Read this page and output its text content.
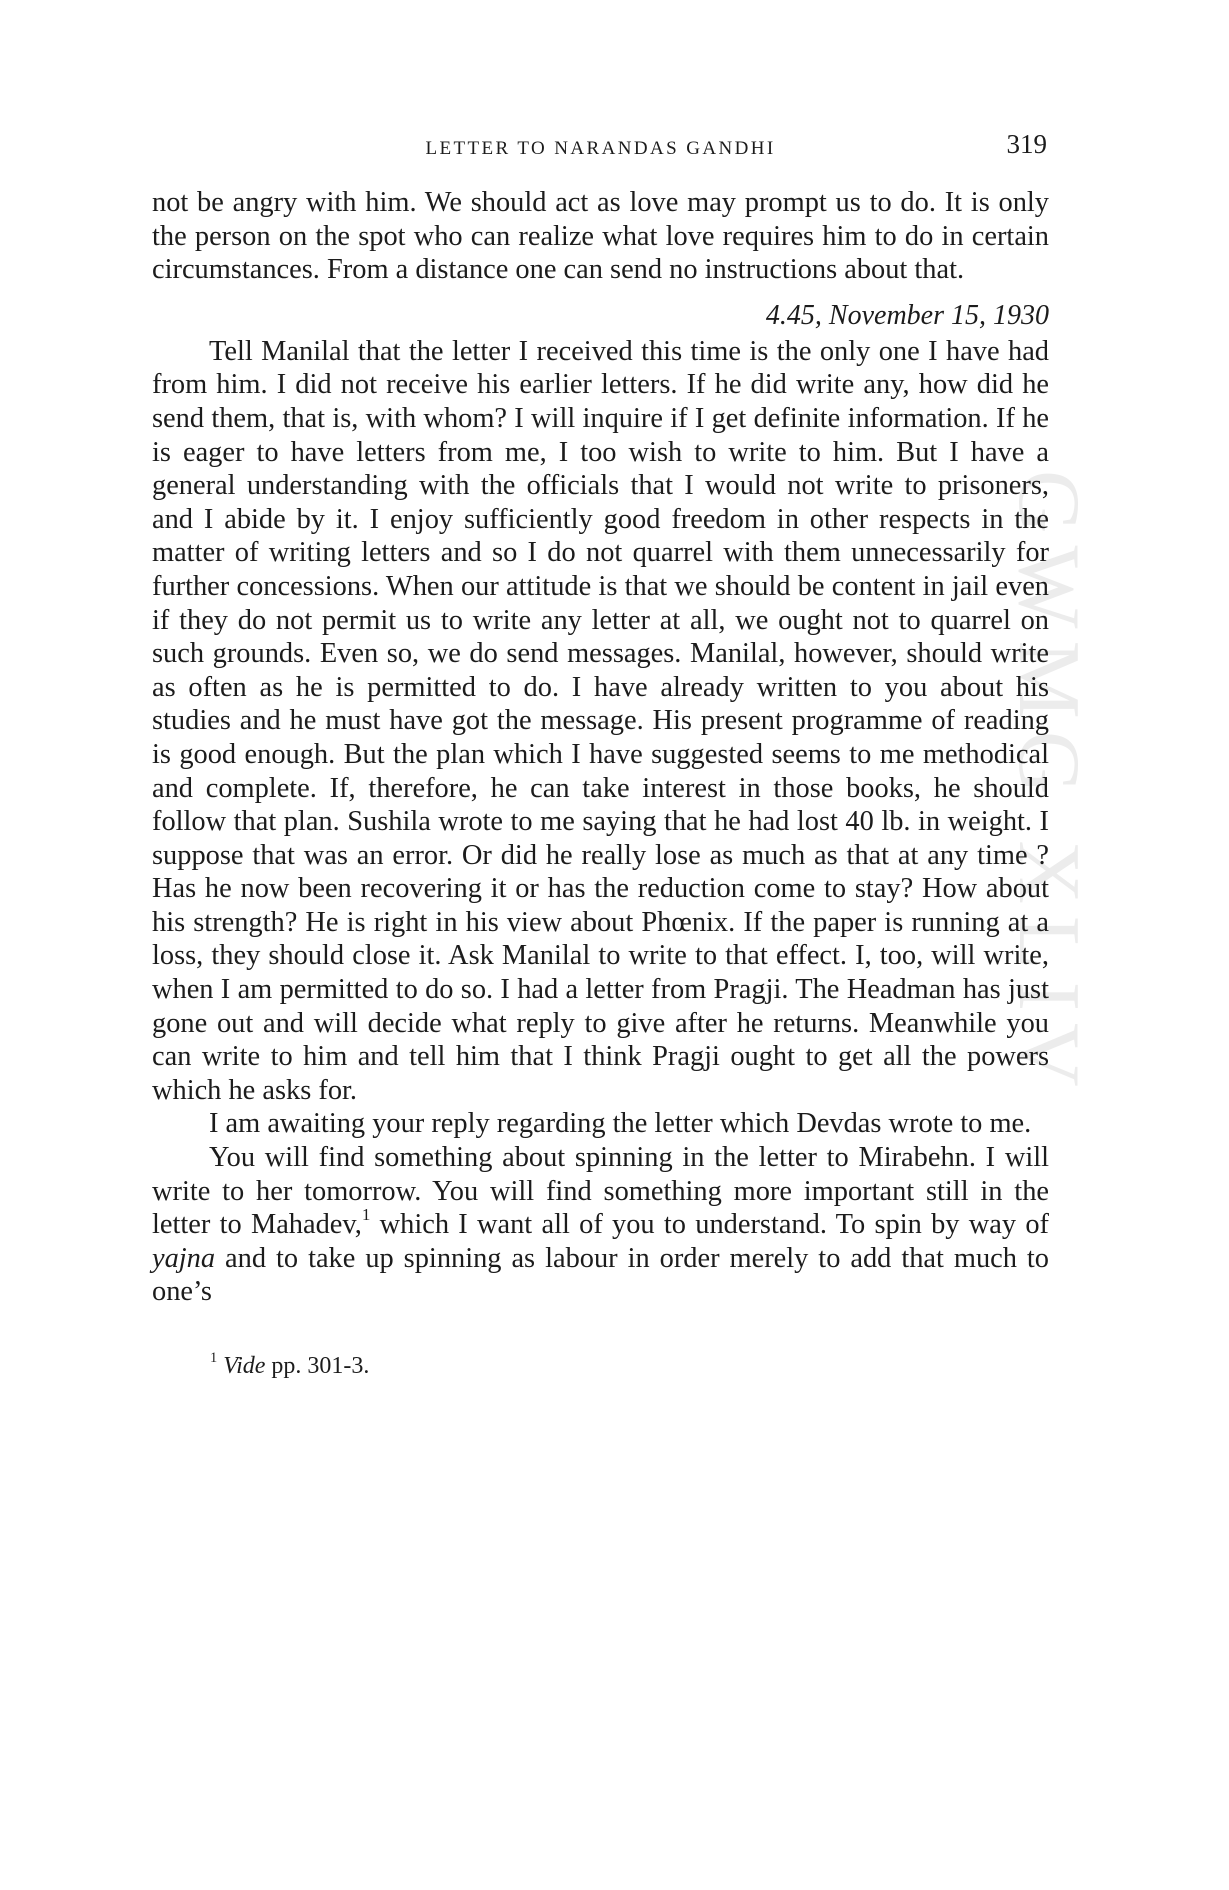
GWMG XLIV
LETTER TO NARANDAS GANDHI	319

not be angry with him. We should act as love may prompt us to do. It is only the person on the spot who can realize what love requires him to do in certain circumstances. From a distance one can send no instructions about that.

4.45, November 15, 1930

Tell Manilal that the letter I received this time is the only one I have had from him. I did not receive his earlier letters. If he did write any, how did he send them, that is, with whom? I will inquire if I get definite information. If he is eager to have letters from me, I too wish to write to him. But I have a general understanding with the officials that I would not write to prisoners, and I abide by it. I enjoy sufficiently good freedom in other respects in the matter of writing letters and so I do not quarrel with them unnecessarily for further concessions. When our attitude is that we should be content in jail even if they do not permit us to write any letter at all, we ought not to quarrel on such grounds. Even so, we do send messages. Manilal, however, should write as often as he is permitted to do. I have already written to you about his studies and he must have got the message. His present programme of reading is good enough. But the plan which I have suggested seems to me methodical and complete. If, therefore, he can take interest in those books, he should follow that plan. Sushila wrote to me saying that he had lost 40 lb. in weight. I suppose that was an error. Or did he really lose as much as that at any time ? Has he now been recovering it or has the reduction come to stay? How about his strength? He is right in his view about Phœnix. If the paper is running at a loss, they should close it. Ask Manilal to write to that effect. I, too, will write, when I am permitted to do so. I had a letter from Pragji. The Headman has just gone out and will decide what reply to give after he returns. Meanwhile you can write to him and tell him that I think Pragji ought to get all the powers which he asks for.

I am awaiting your reply regarding the letter which Devdas wrote to me.

You will find something about spinning in the letter to Mirabehn. I will write to her tomorrow. You will find something more important still in the letter to Mahadev,$^1$ which I want all of you to understand. To spin by way of yajna and to take up spinning as labour in order merely to add that much to one’s

$^1$ Vide pp. 301-3.
